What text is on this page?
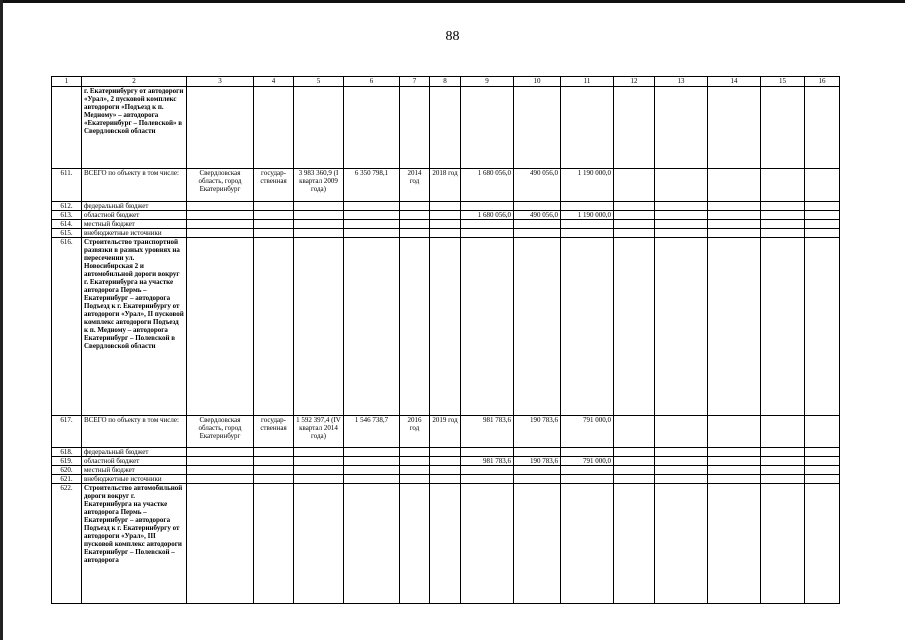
88
1	2	3	4	5	6	7	8	9	10	11	12	13	14	15	16
	г. Екатеринбургу от автодороги «Урал», 2 пусковой комплекс автодороги «Подъезд к п. Медному» – автодорога «Екатеринбург – Полевской» в Свердловской области														
611.	ВСЕГО по объекту в том числе:	Свердловская область, город Екатеринбург	государ-ственная	3 983 360,9 (I квартал 2009 года)	6 350 798,1	2014 год	2018 год	1 680 056,0	490 056,0	1 190 000,0					
612.	федеральный бюджет														
613.	областной бюджет							1 680 056,0	490 056,0	1 190 000,0					
614.	местный бюджет														
615.	внебюджетные источники														
616.	Строительство транспортной развязки в разных уровнях на пересечении ул. Новосибирская 2 и автомобильной дороги вокруг г. Екатеринбурга на участке автодорога Пермь – Екатеринбург – автодорога Подъезд к г. Екатеринбургу от автодороги «Урал», II пусковой комплекс автодороги Подъезд к п. Медному – автодорога Екатеринбург – Полевской в Свердловской области														
617.	ВСЕГО по объекту в том числе:	Свердловская область, город Екатеринбург	государ-ственная	1 592 397,4 (IV квартал 2014 года)	1 546 738,7	2016 год	2019 год	981 783,6	190 783,6	791 000,0					
618.	федеральный бюджет														
619.	областной бюджет							981 783,6	190 783,6	791 000,0					
620.	местный бюджет														
621.	внебюджетные источники														
622.	Строительство автомобильной дороги вокруг г. Екатеринбурга на участке автодорога Пермь – Екатеринбург – автодорога Подъезд к г. Екатеринбургу от автодороги «Урал», III пусковой комплекс автодороги Екатеринбург – Полевской – автодорога														
